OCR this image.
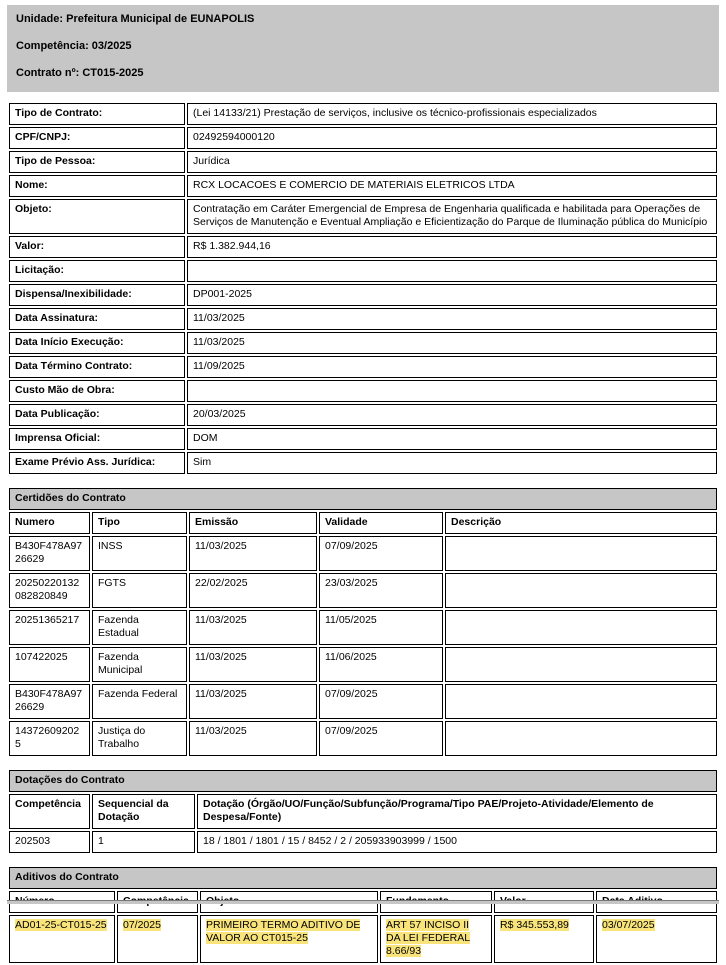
Unidade: Prefeitura Municipal de EUNAPOLIS
Competência: 03/2025
Contrato nº: CT015-2025
Tipo de Contrato:	(Lei 14133/21) Prestação de serviços, inclusive os técnico-profissionais especializados
CPF/CNPJ:	02492594000120
Tipo de Pessoa:	Jurídica
Nome:	RCX LOCACOES E COMERCIO DE MATERIAIS ELETRICOS LTDA
Objeto:	Contratação em Caráter Emergencial de Empresa de Engenharia qualificada e habilitada para Operações de Serviços de Manutenção e Eventual Ampliação e Eficientização do Parque de Iluminação pública do Município
Valor:	R$ 1.382.944,16
Licitação:	
Dispensa/Inexibilidade:	DP001-2025
Data Assinatura:	11/03/2025
Data Início Execução:	11/03/2025
Data Término Contrato:	11/09/2025
Custo Mão de Obra:	
Data Publicação:	20/03/2025
Imprensa Oficial:	DOM
Exame Prévio Ass. Jurídica:	Sim
Certidões do Contrato				
Numero	Tipo	Emissão	Validade	Descrição
B430F478A9726629	INSS	11/03/2025	07/09/2025	
20250220132082820849	FGTS	22/02/2025	23/03/2025	
20251365217	Fazenda Estadual	11/03/2025	11/05/2025	
107422025	Fazenda Municipal	11/03/2025	11/06/2025	
B430F478A9726629	Fazenda Federal	11/03/2025	07/09/2025	
143726092025	Justiça do Trabalho	11/03/2025	07/09/2025	
Dotações do Contrato		
Competência	Sequencial da Dotação	Dotação (Órgão/UO/Função/Subfunção/Programa/Tipo PAE/Projeto-Atividade/Elemento de Despesa/Fonte)
202503	1	18 / 1801 / 1801 / 15 / 8452 / 2 / 205933903999 / 1500
Aditivos do Contrato					

AD01-25-CT015-25	07/2025	PRIMEIRO TERMO ADITIVO DE VALOR AO CT015-25	ART 57 INCISO II DA LEI FEDERAL 8.66/93	R$ 345.553,89	03/07/2025
